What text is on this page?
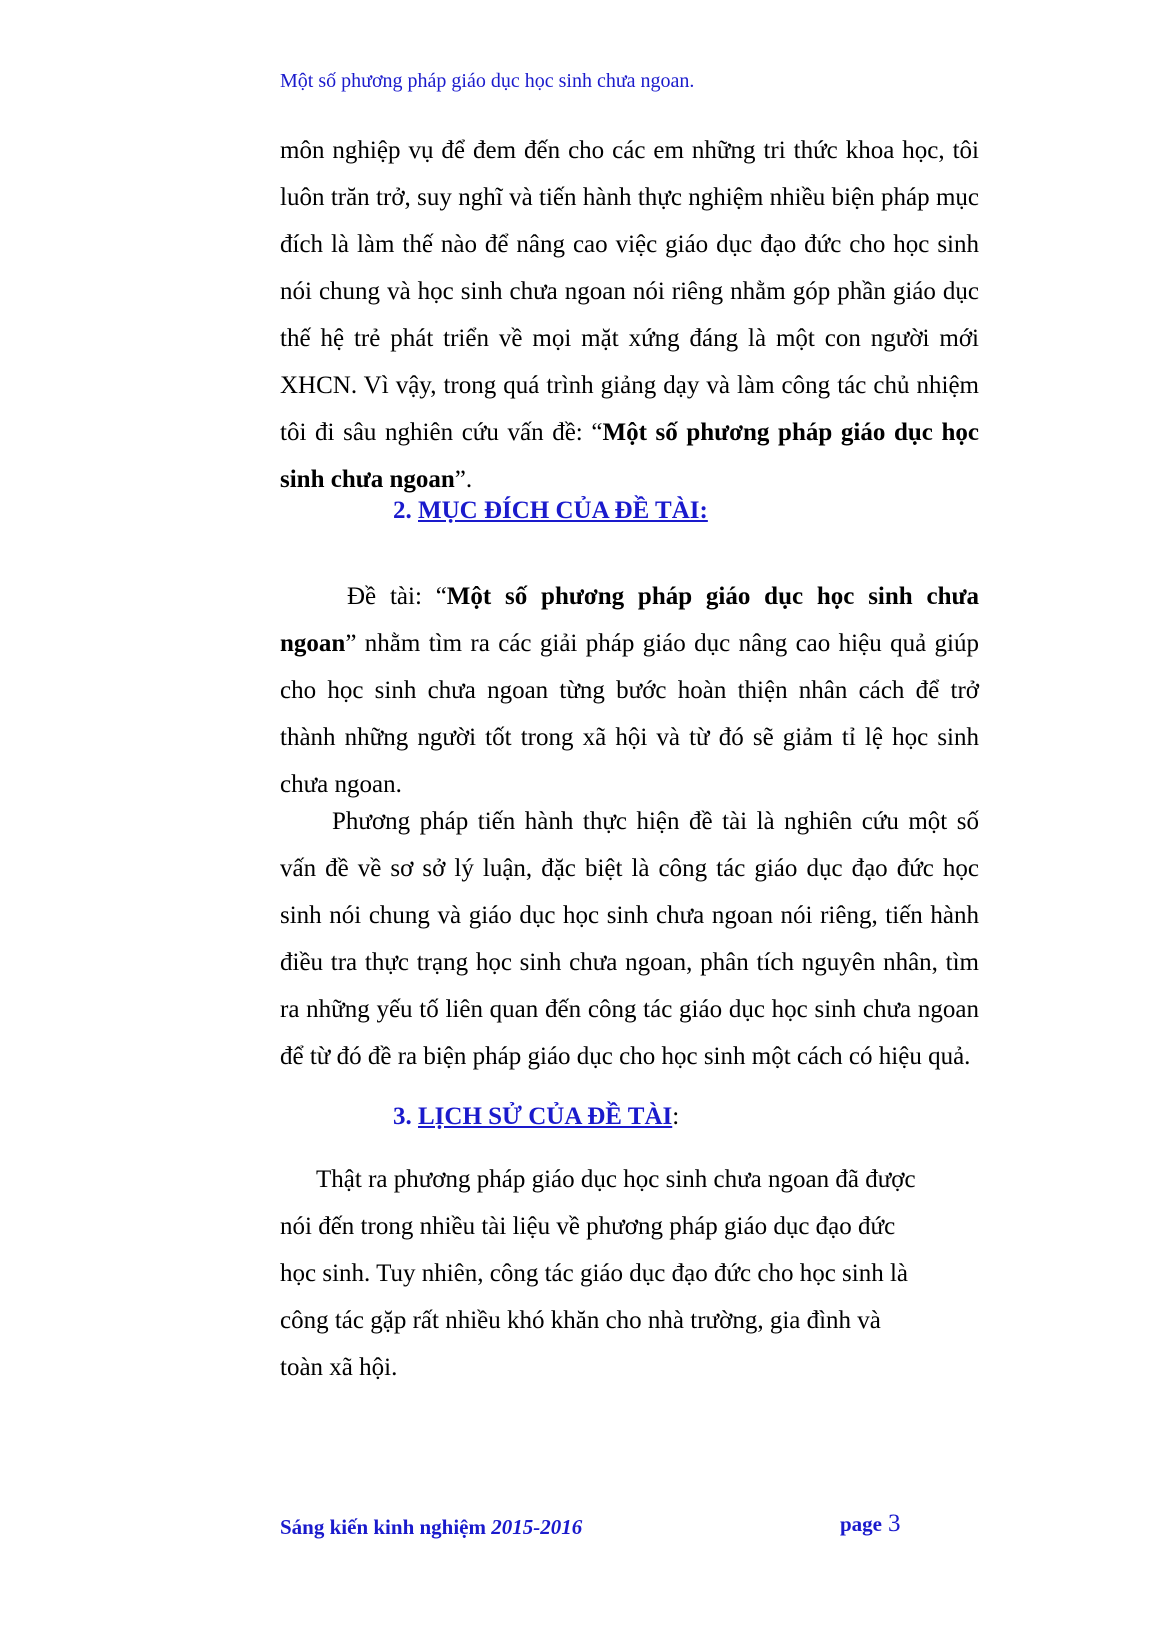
Một số phương pháp giáo dục học sinh chưa ngoan.

môn nghiệp vụ để đem đến cho các em những tri thức khoa học, tôi luôn trăn trở, suy nghĩ và tiến hành thực nghiệm nhiều biện pháp mục đích là làm thế nào để nâng cao việc giáo dục đạo đức cho học sinh nói chung và học sinh chưa ngoan nói riêng nhằm góp phần giáo dục thế hệ trẻ phát triển về mọi mặt xứng đáng là một con người mới XHCN. Vì vậy, trong quá trình giảng dạy và làm công tác chủ nhiệm tôi đi sâu nghiên cứu vấn đề: “Một số phương pháp giáo dục học sinh chưa ngoan”.

2. MỤC ĐÍCH CỦA ĐỀ TÀI:

Đề tài: “Một số phương pháp giáo dục học sinh chưa ngoan” nhằm tìm ra các giải pháp giáo dục nâng cao hiệu quả giúp cho học sinh chưa ngoan từng bước hoàn thiện nhân cách để trở thành những người tốt trong xã hội và từ đó sẽ giảm tỉ lệ học sinh chưa ngoan.

Phương pháp tiến hành thực hiện đề tài là nghiên cứu một số vấn đề về sơ sở lý luận, đặc biệt là công tác giáo dục đạo đức học sinh nói chung và giáo dục học sinh chưa ngoan nói riêng, tiến hành điều tra thực trạng học sinh chưa ngoan, phân tích nguyên nhân, tìm ra những yếu tố liên quan đến công tác giáo dục học sinh chưa ngoan để từ đó đề ra biện pháp giáo dục cho học sinh một cách có hiệu quả.

3. LỊCH SỬ CỦA ĐỀ TÀI:
Thật ra phương pháp giáo dục học sinh chưa ngoan đã được
nói đến trong nhiều tài liệu về phương pháp giáo dục đạo đức
học sinh. Tuy nhiên, công tác giáo dục đạo đức cho học sinh là
công tác gặp rất nhiều khó khăn cho nhà trường, gia đình và
toàn xã hội.
Sáng kiến kinh nghiệm 2015-2016	page 3
